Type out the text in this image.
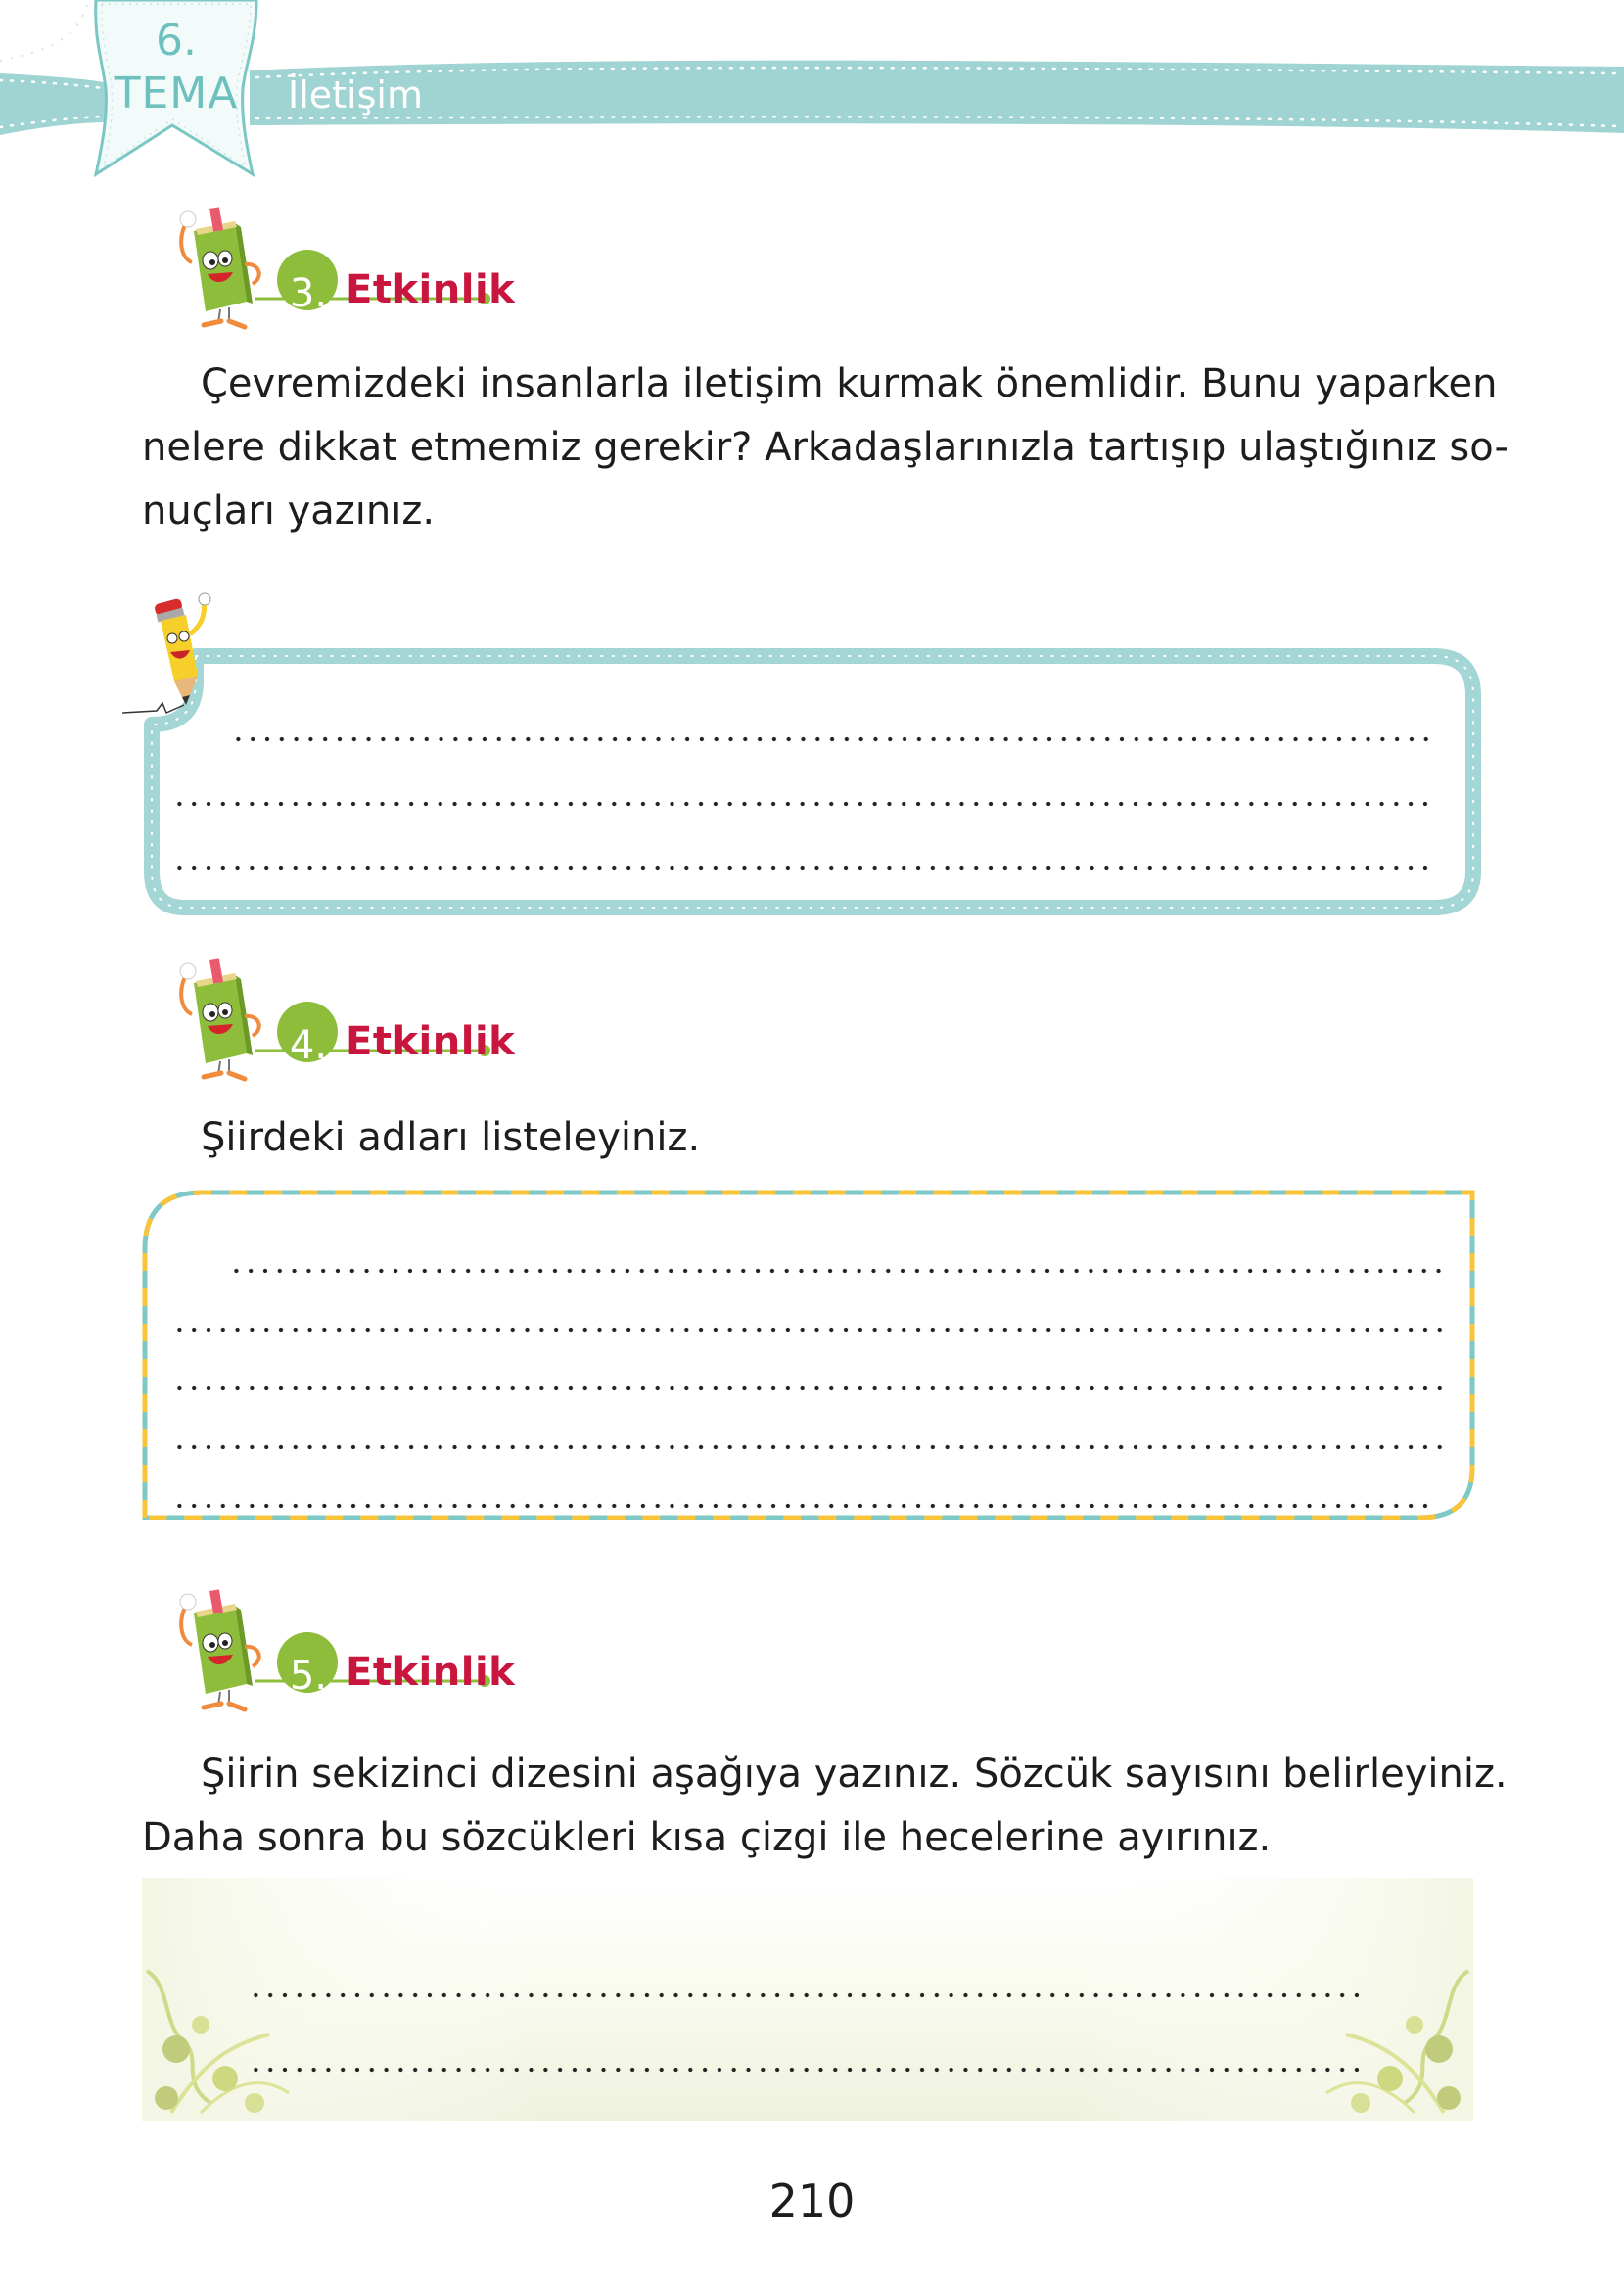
6.
TEMA	İletişim
3. Etkinlik
Çevremizdeki insanlarla iletişim kurmak önemlidir. Bunu yaparken
nelere dikkat etmemiz gerekir? Arkadaşlarınızla tartışıp ulaştığınız so-
nuçları yazınız.
4. Etkinlik
Şiirdeki adları listeleyiniz.
5. Etkinlik
Şiirin sekizinci dizesini aşağıya yazınız. Sözcük sayısını belirleyiniz.
Daha sonra bu sözcükleri kısa çizgi ile hecelerine ayırınız.
210
